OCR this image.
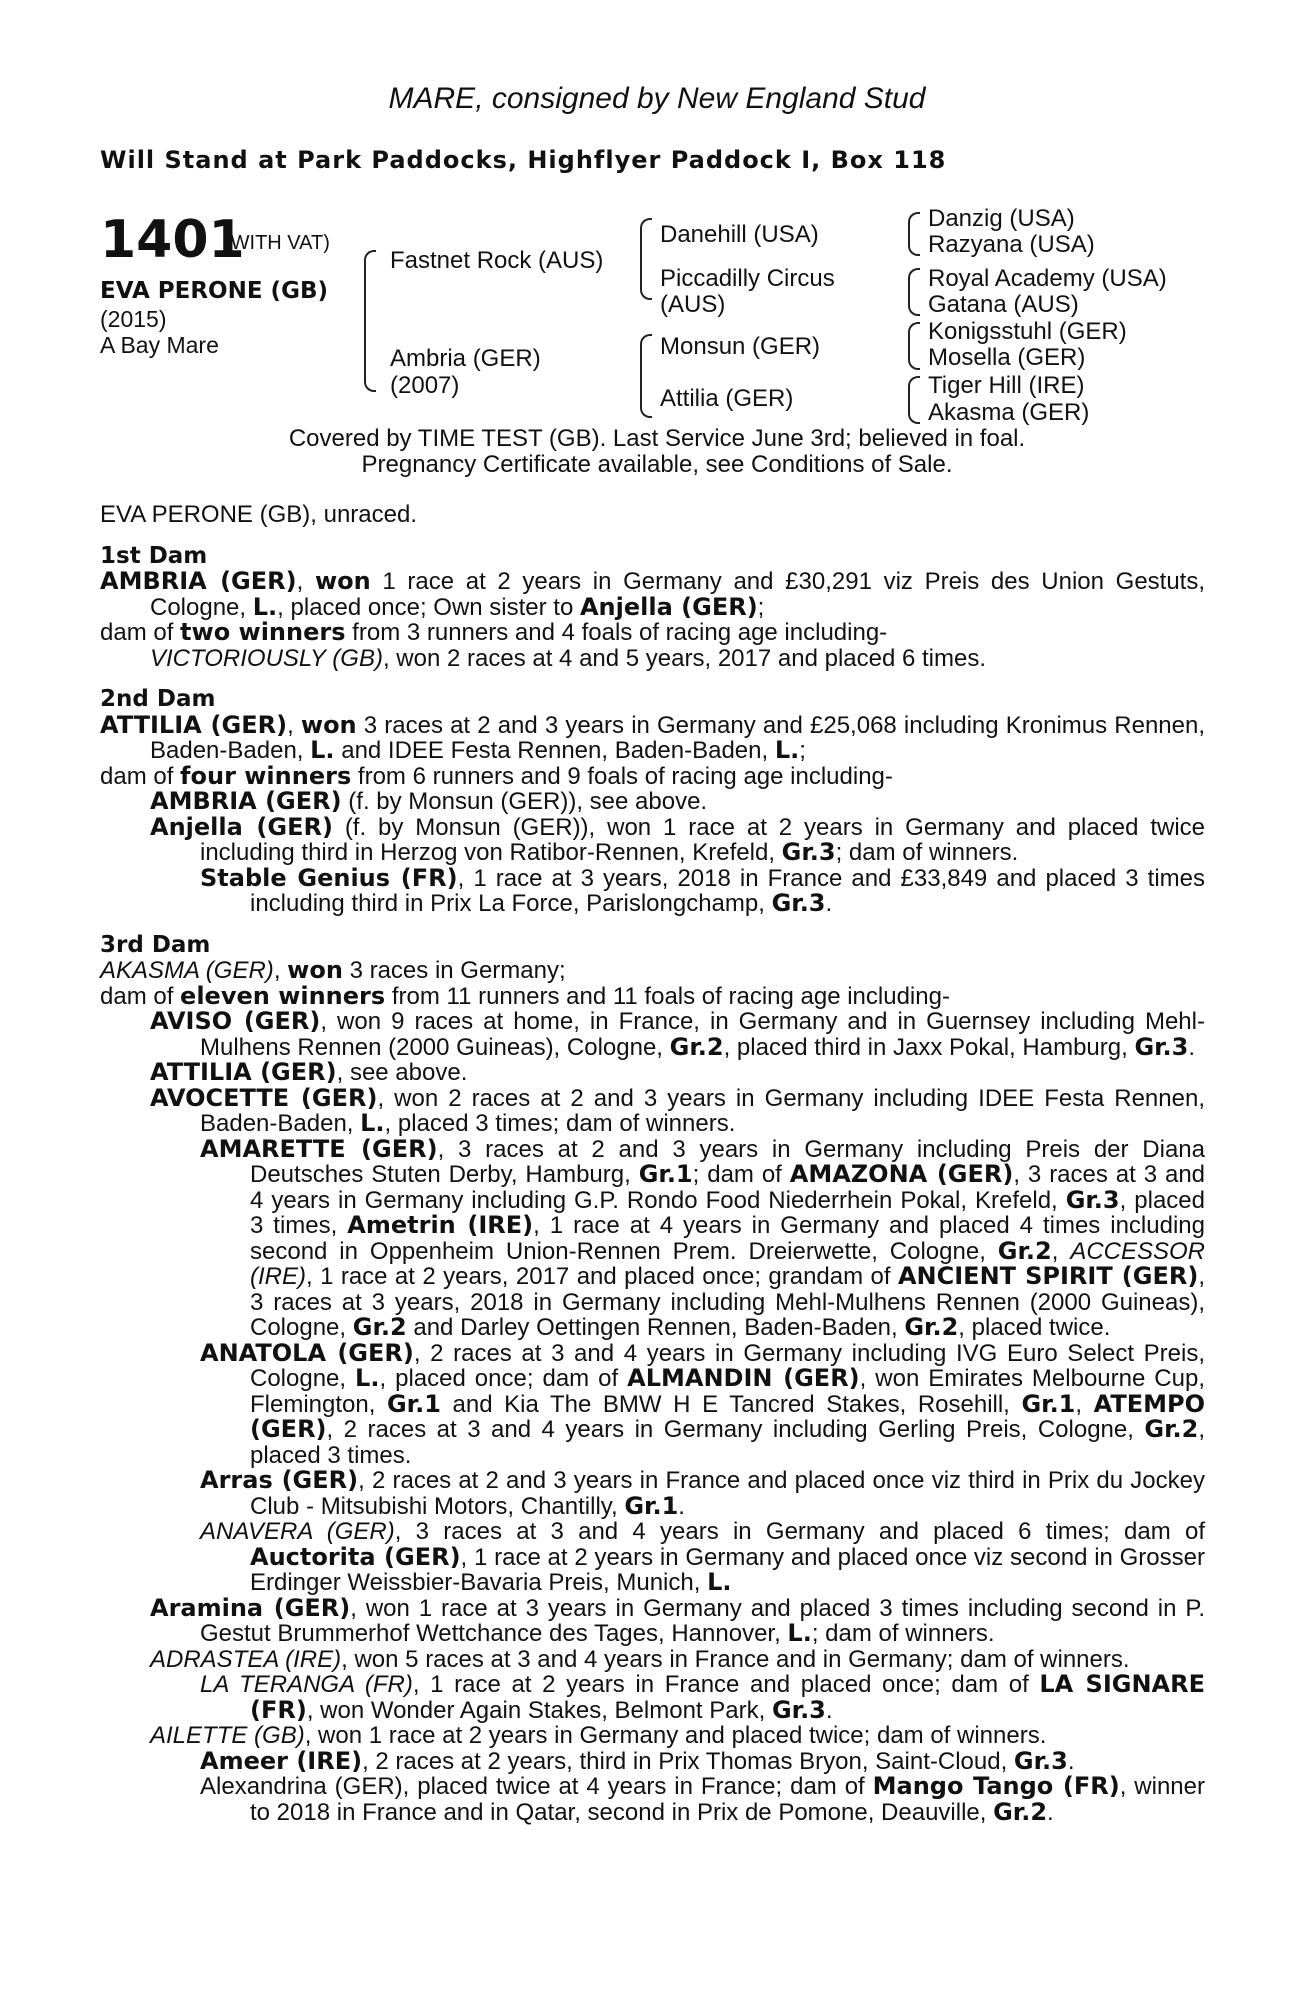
MARE, consigned by New England Stud
Will Stand at Park Paddocks, Highflyer Paddock I, Box 118
1401
(WITH VAT)
EVA PERONE (GB)
(2015)
A Bay Mare
Fastnet Rock (AUS)
Ambria (GER)
(2007)
Danehill (USA)
Piccadilly Circus
(AUS)
Monsun (GER)
Attilia (GER)
Danzig (USA)
Razyana (USA)
Royal Academy (USA)
Gatana (AUS)
Konigsstuhl (GER)
Mosella (GER)
Tiger Hill (IRE)
Akasma (GER)
Covered by TIME TEST (GB). Last Service June 3rd; believed in foal.
Pregnancy Certificate available, see Conditions of Sale.

EVA PERONE (GB), unraced.

1st Dam

AMBRIA (GER), won 1 race at 2 years in Germany and £30,291 viz Preis des Union Gestuts, Cologne, L., placed once; Own sister to Anjella (GER);

dam of two winners from 3 runners and 4 foals of racing age including-

VICTORIOUSLY (GB), won 2 races at 4 and 5 years, 2017 and placed 6 times.

2nd Dam

ATTILIA (GER), won 3 races at 2 and 3 years in Germany and £25,068 including Kronimus Rennen, Baden-Baden, L. and IDEE Festa Rennen, Baden-Baden, L.;

dam of four winners from 6 runners and 9 foals of racing age including-

AMBRIA (GER) (f. by Monsun (GER)), see above.

Anjella (GER) (f. by Monsun (GER)), won 1 race at 2 years in Germany and placed twice including third in Herzog von Ratibor-Rennen, Krefeld, Gr.3; dam of winners.

Stable Genius (FR), 1 race at 3 years, 2018 in France and £33,849 and placed 3 times including third in Prix La Force, Parislongchamp, Gr.3.

3rd Dam

AKASMA (GER), won 3 races in Germany;

dam of eleven winners from 11 runners and 11 foals of racing age including-

AVISO (GER), won 9 races at home, in France, in Germany and in Guernsey including Mehl-Mulhens Rennen (2000 Guineas), Cologne, Gr.2, placed third in Jaxx Pokal, Hamburg, Gr.3.

ATTILIA (GER), see above.

AVOCETTE (GER), won 2 races at 2 and 3 years in Germany including IDEE Festa Rennen, Baden-Baden, L., placed 3 times; dam of winners.

AMARETTE (GER), 3 races at 2 and 3 years in Germany including Preis der Diana Deutsches Stuten Derby, Hamburg, Gr.1; dam of AMAZONA (GER), 3 races at 3 and 4 years in Germany including G.P. Rondo Food Niederrhein Pokal, Krefeld, Gr.3, placed 3 times, Ametrin (IRE), 1 race at 4 years in Germany and placed 4 times including second in Oppenheim Union-Rennen Prem. Dreierwette, Cologne, Gr.2, ACCESSOR (IRE), 1 race at 2 years, 2017 and placed once; grandam of ANCIENT SPIRIT (GER), 3 races at 3 years, 2018 in Germany including Mehl-Mulhens Rennen (2000 Guineas), Cologne, Gr.2 and Darley Oettingen Rennen, Baden-Baden, Gr.2, placed twice.

ANATOLA (GER), 2 races at 3 and 4 years in Germany including IVG Euro Select Preis, Cologne, L., placed once; dam of ALMANDIN (GER), won Emirates Melbourne Cup, Flemington, Gr.1 and Kia The BMW H E Tancred Stakes, Rosehill, Gr.1, ATEMPO (GER), 2 races at 3 and 4 years in Germany including Gerling Preis, Cologne, Gr.2, placed 3 times.

Arras (GER), 2 races at 2 and 3 years in France and placed once viz third in Prix du Jockey Club - Mitsubishi Motors, Chantilly, Gr.1.

ANAVERA (GER), 3 races at 3 and 4 years in Germany and placed 6 times; dam of Auctorita (GER), 1 race at 2 years in Germany and placed once viz second in Grosser Erdinger Weissbier-Bavaria Preis, Munich, L.

Aramina (GER), won 1 race at 3 years in Germany and placed 3 times including second in P. Gestut Brummerhof Wettchance des Tages, Hannover, L.; dam of winners.

ADRASTEA (IRE), won 5 races at 3 and 4 years in France and in Germany; dam of winners.

LA TERANGA (FR), 1 race at 2 years in France and placed once; dam of LA SIGNARE (FR), won Wonder Again Stakes, Belmont Park, Gr.3.

AILETTE (GB), won 1 race at 2 years in Germany and placed twice; dam of winners.

Ameer (IRE), 2 races at 2 years, third in Prix Thomas Bryon, Saint-Cloud, Gr.3.

Alexandrina (GER), placed twice at 4 years in France; dam of Mango Tango (FR), winner to 2018 in France and in Qatar, second in Prix de Pomone, Deauville, Gr.2.
